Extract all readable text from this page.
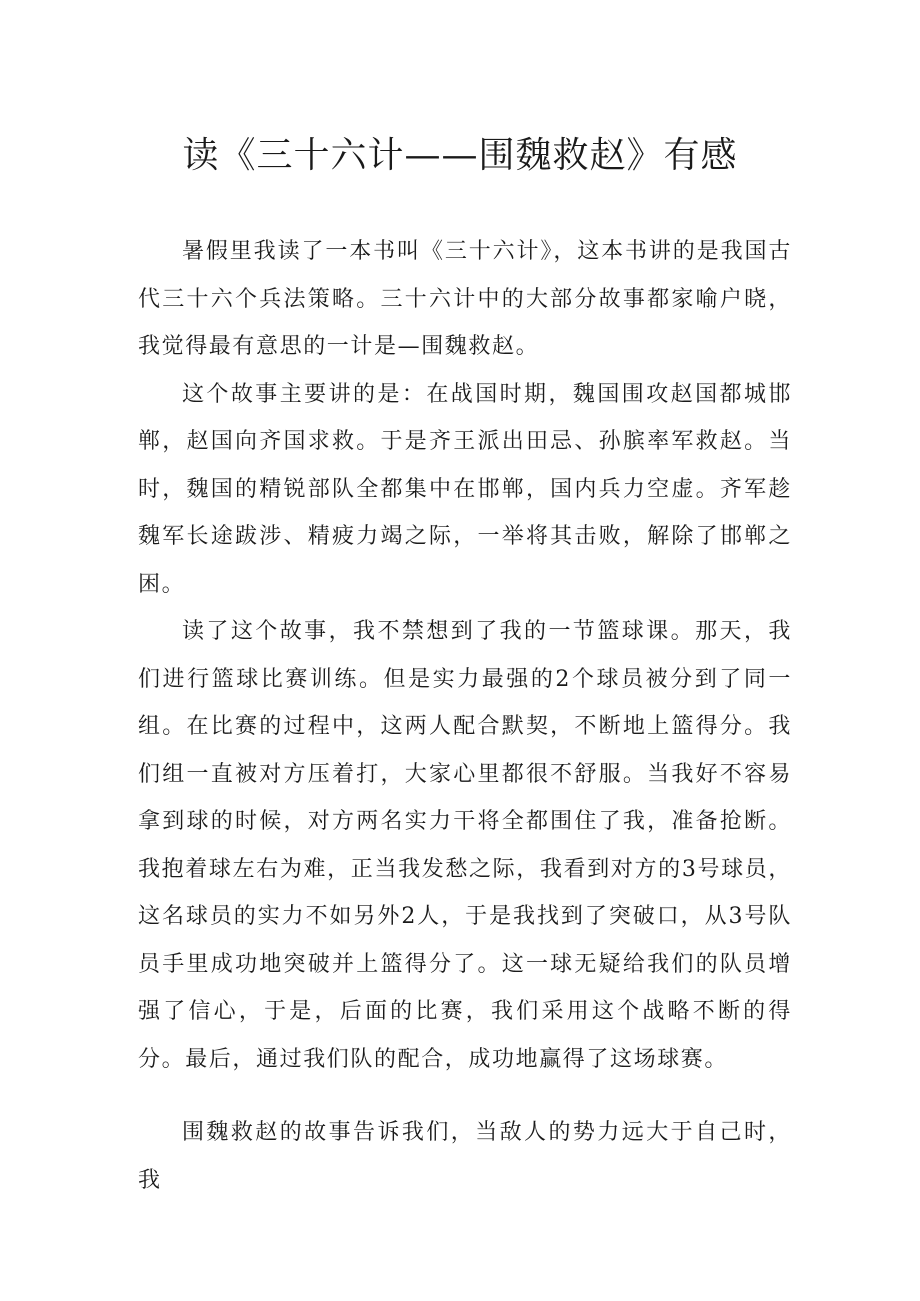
读《三十六计——围魏救赵》有感

暑假里我读了一本书叫《三十六计》，这本书讲的是我国古代三十六个兵法策略。三十六计中的大部分故事都家喻户晓，我觉得最有意思的一计是—围魏救赵。

这个故事主要讲的是：在战国时期，魏国围攻赵国都城邯郸，赵国向齐国求救。于是齐王派出田忌、孙膑率军救赵。当时，魏国的精锐部队全都集中在邯郸，国内兵力空虚。齐军趁魏军长途跋涉、精疲力竭之际，一举将其击败，解除了邯郸之困。

读了这个故事，我不禁想到了我的一节篮球课。那天，我们进行篮球比赛训练。但是实力最强的2个球员被分到了同一组。在比赛的过程中，这两人配合默契，不断地上篮得分。我们组一直被对方压着打，大家心里都很不舒服。当我好不容易拿到球的时候，对方两名实力干将全都围住了我，准备抢断。我抱着球左右为难，正当我发愁之际，我看到对方的3号球员，这名球员的实力不如另外2人，于是我找到了突破口，从3号队员手里成功地突破并上篮得分了。这一球无疑给我们的队员增强了信心，于是，后面的比赛，我们采用这个战略不断的得分。最后，通过我们队的配合，成功地赢得了这场球赛。

围魏救赵的故事告诉我们，当敌人的势力远大于自己时，我
